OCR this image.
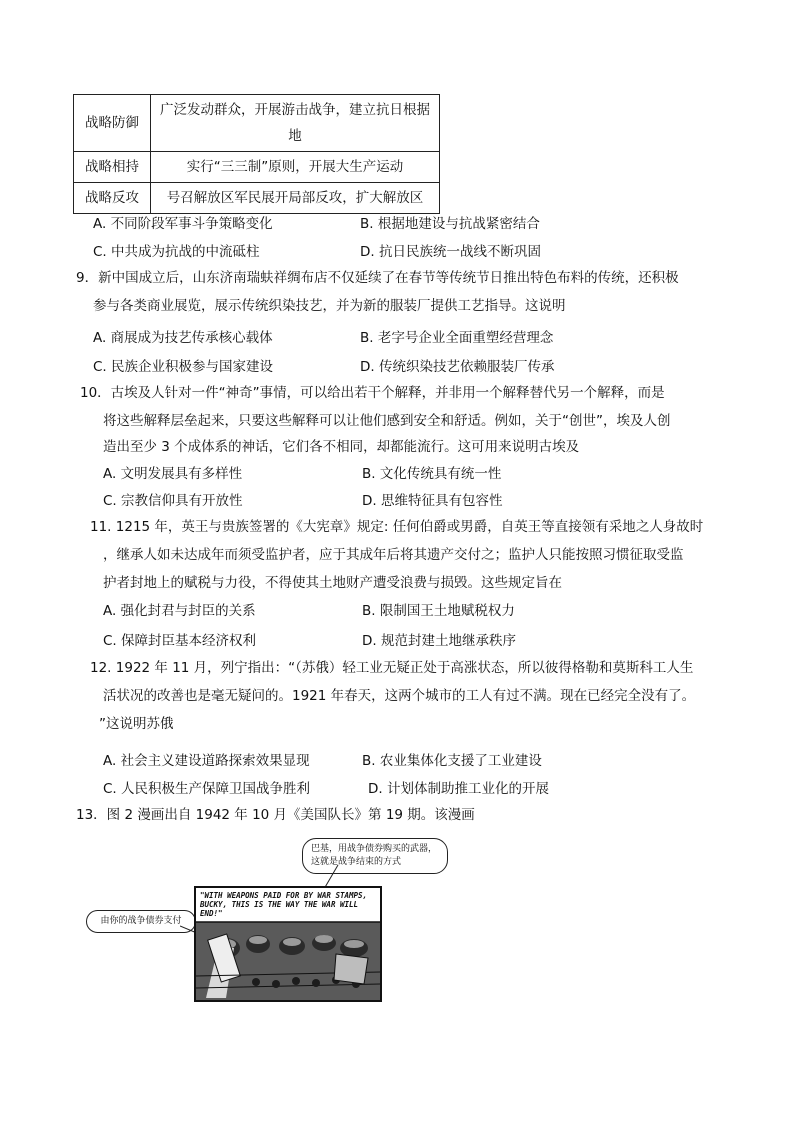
战略防御	广泛发动群众，开展游击战争，建立抗日根据地
战略相持	实行“三三制”原则，开展大生产运动
战略反攻	号召解放区军民展开局部反攻，扩大解放区
A. 不同阶段军事斗争策略变化	B. 根据地建设与抗战紧密结合
C. 中共成为抗战的中流砥柱	D. 抗日民族统一战线不断巩固
9．新中国成立后，山东济南瑞蚨祥绸布店不仅延续了在春节等传统节日推出特色布料的传统，还积极
参与各类商业展览，展示传统织染技艺，并为新的服装厂提供工艺指导。这说明
A. 商展成为技艺传承核心载体	B. 老字号企业全面重塑经营理念
C. 民族企业积极参与国家建设	D. 传统织染技艺依赖服装厂传承
10．古埃及人针对一件“神奇”事情，可以给出若干个解释，并非用一个解释替代另一个解释，而是
将这些解释层垒起来，只要这些解释可以让他们感到安全和舒适。例如，关于“创世”，埃及人创
造出至少 3 个成体系的神话，它们各不相同，却都能流行。这可用来说明古埃及
A. 文明发展具有多样性	B. 文化传统具有统一性
C. 宗教信仰具有开放性	D. 思维特征具有包容性
11. 1215 年，英王与贵族签署的《大宪章》规定: 任何伯爵或男爵，自英王等直接领有采地之人身故时
，继承人如未达成年而须受监护者，应于其成年后将其遗产交付之；监护人只能按照习惯征取受监
护者封地上的赋税与力役，不得使其土地财产遭受浪费与损毁。这些规定旨在
A. 强化封君与封臣的关系	B. 限制国王土地赋税权力
C. 保障封臣基本经济权利	D. 规范封建土地继承秩序
12. 1922 年 11 月，列宁指出：“（苏俄）轻工业无疑正处于高涨状态，所以彼得格勒和莫斯科工人生
活状况的改善也是毫无疑问的。1921 年春天，这两个城市的工人有过不满。现在已经完全没有了。
”这说明苏俄
A. 社会主义建设道路探索效果显现	B. 农业集体化支援了工业建设
C. 人民积极生产保障卫国战争胜利	D. 计划体制助推工业化的开展
13．图 2 漫画出自 1942 年 10 月《美国队长》第 19 期。该漫画
巴基，用战争债券购买的武器，
这就是战争结束的方式
由你的战争债券支付
"WITH WEAPONS PAID FOR BY WAR STAMPS,
BUCKY, THIS IS THE WAY THE WAR WILL
END!"
